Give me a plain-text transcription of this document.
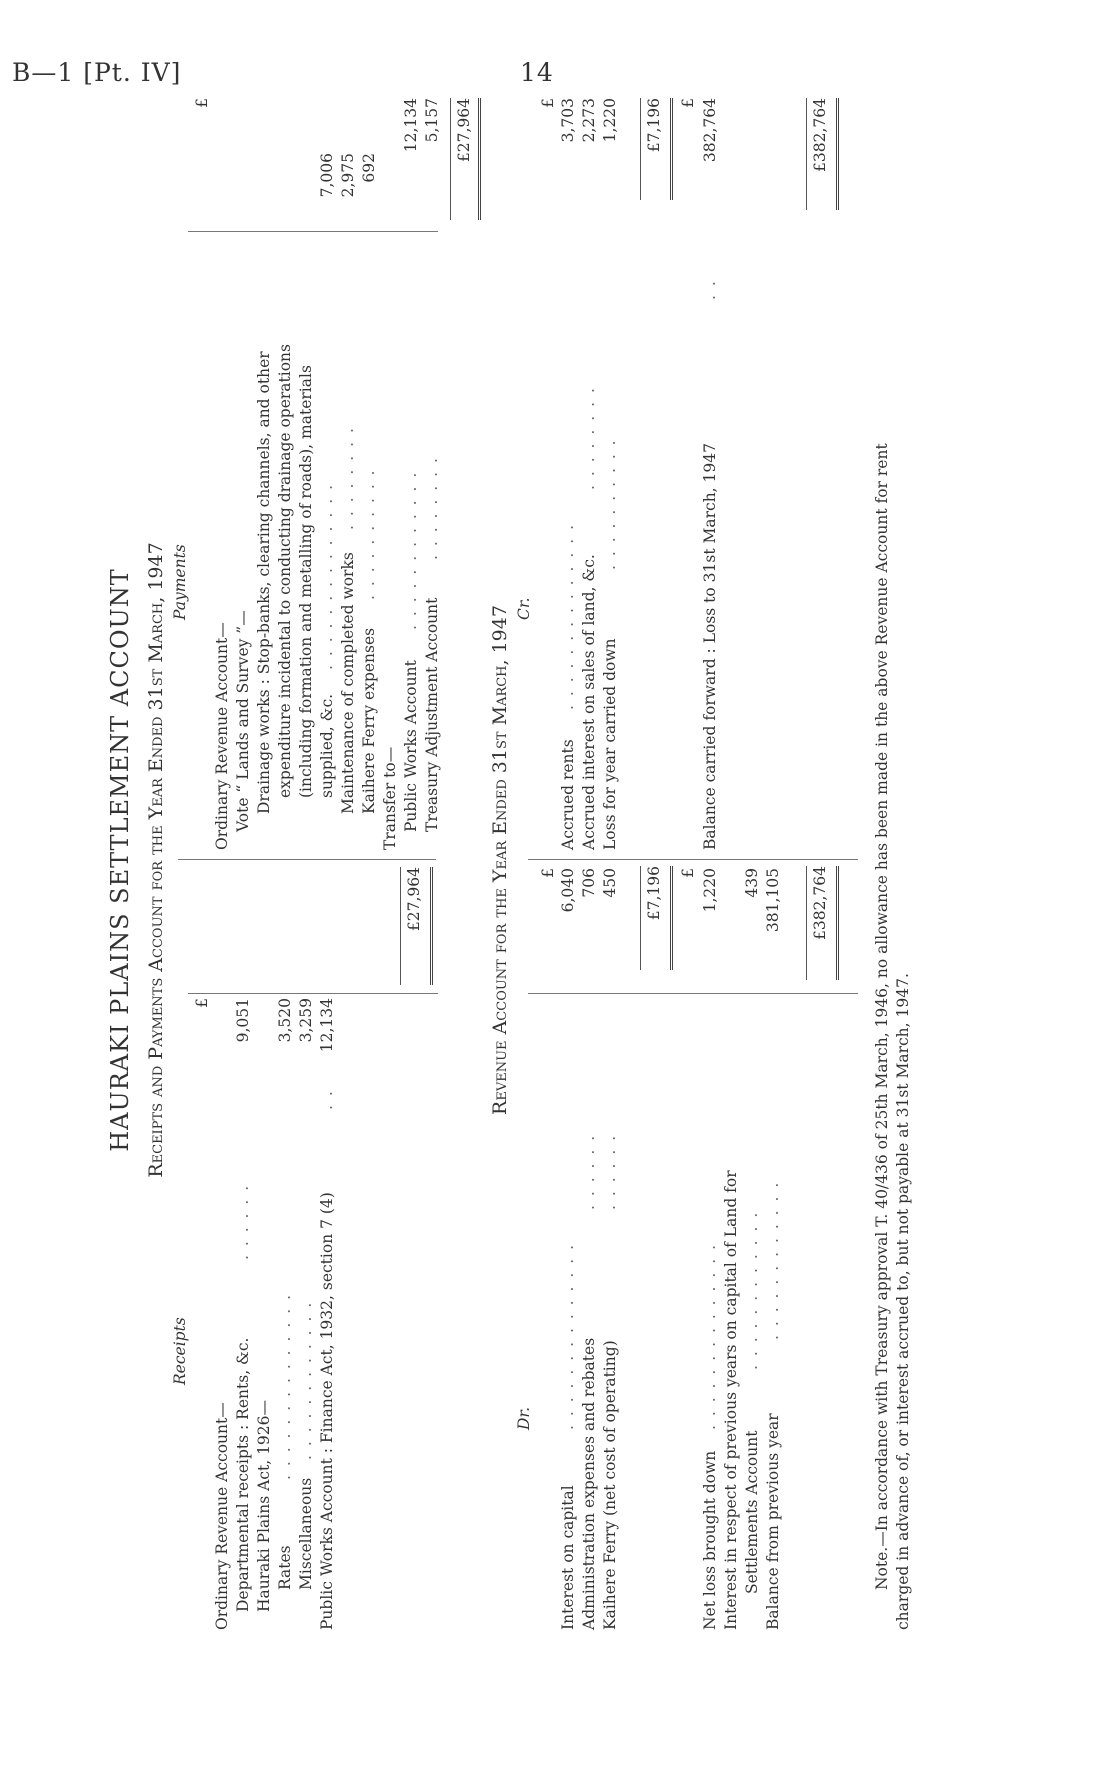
B—1 [Pt. IV]	14
HAURAKI PLAINS SETTLEMENT ACCOUNT Receipts and Payments Account for the Year Ended 31st March, 1947
Receipts
Payments
£
Ordinary Revenue Account— Departmental receipts : Rents, &c.
. . . . . .
9,051
Hauraki Plains Act, 1926— Rates
. . . . . . . . . . . . . .
3,520
Miscellaneous
. . . . . . . . . . . .
3,259
Public Works Account : Finance Act, 1932, section 7 (4)
. .
12,134
£27,964
£
Ordinary Revenue Account— Vote “ Lands and Survey ”— Drainage works : Stop-banks, clearing channels, and other expenditure incidental to conducting drainage operations (including formation and metalling of roads), materials supplied, &c.
. . . . . . . . . . . . . .
7,006
Maintenance of completed works
. . . . . . . .
2,975
Kaihere Ferry expenses
. . . . . . . . . .
692
Transfer to— Public Works Account
. . . . . . . . . . . .
12,134
Treasury Adjustment Account
. . . . . . . .
5,157 £27,964
Revenue Account for the Year Ended 31st March, 1947
Dr.
Cr.
£
Interest on capital
. . . . . . . . . . . . . .
6,040
Administration expenses and rebates
. . . . . .
706
Kaihere Ferry (net cost of operating)
. . . . . .
450 £7,196 £
Net loss brought down
. . . . . . . . . . . . . .
1,220
Interest in respect of previous years on capital of Land for Settlements Account
. . . . . . . . . . . .
439
Balance from previous year
. . . . . . . . . . . .
381,105 £382,764
£
Accrued rents
. . . . . . . . . . . . . .
3,703
Accrued interest on sales of land, &c.
. . . . . . . .
2,273
Loss for year carried down
. . . . . . . . . .
1,220 £7,196 £
Balance carried forward : Loss to 31st March, 1947
. .
382,764	£382,764
Note.—In accordance with Treasury approval T. 40/436 of 25th March, 1946, no allowance has been made in the above Revenue Account for rent charged in advance of, or interest accrued to, but not payable at 31st March, 1947.
